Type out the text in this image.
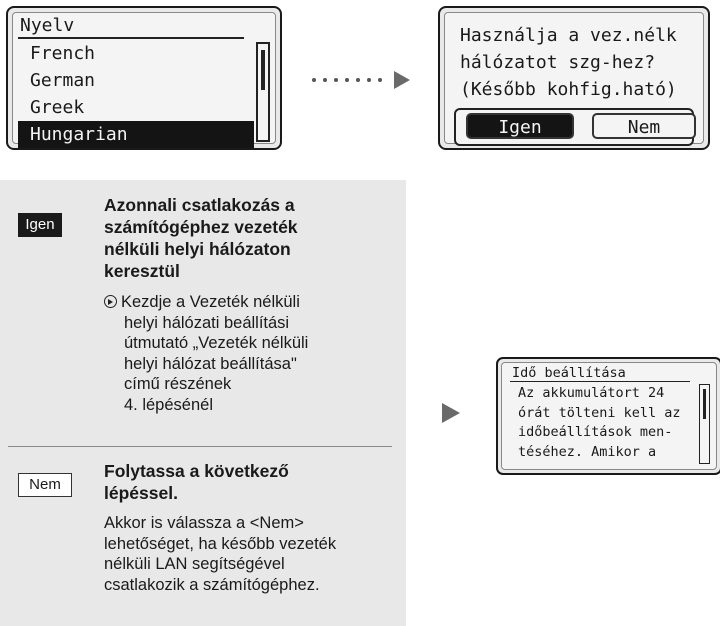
Nyelv
French
German
Greek
Hungarian
Használja a vez.nélk
hálózatot szg-hez?
(Később kohfig.ható)
Igen	Nem
Igen
Azonnali csatlakozás a
számítógéphez vezeték
nélküli helyi hálózaton
keresztül
Kezdje a Vezeték nélküli
helyi hálózati beállítási
útmutató „Vezeték nélküli
helyi hálózat beállítása"
című részének
4. lépésénél
Nem
Folytassa a következő
lépéssel.
Akkor is válassza a <Nem>
lehetőséget, ha később vezeték
nélküli LAN segítségével
csatlakozik a számítógéphez.
Idő beállítása
Az akkumulátort 24
órát tölteni kell az
időbeállítások men-
téséhez. Amikor a
